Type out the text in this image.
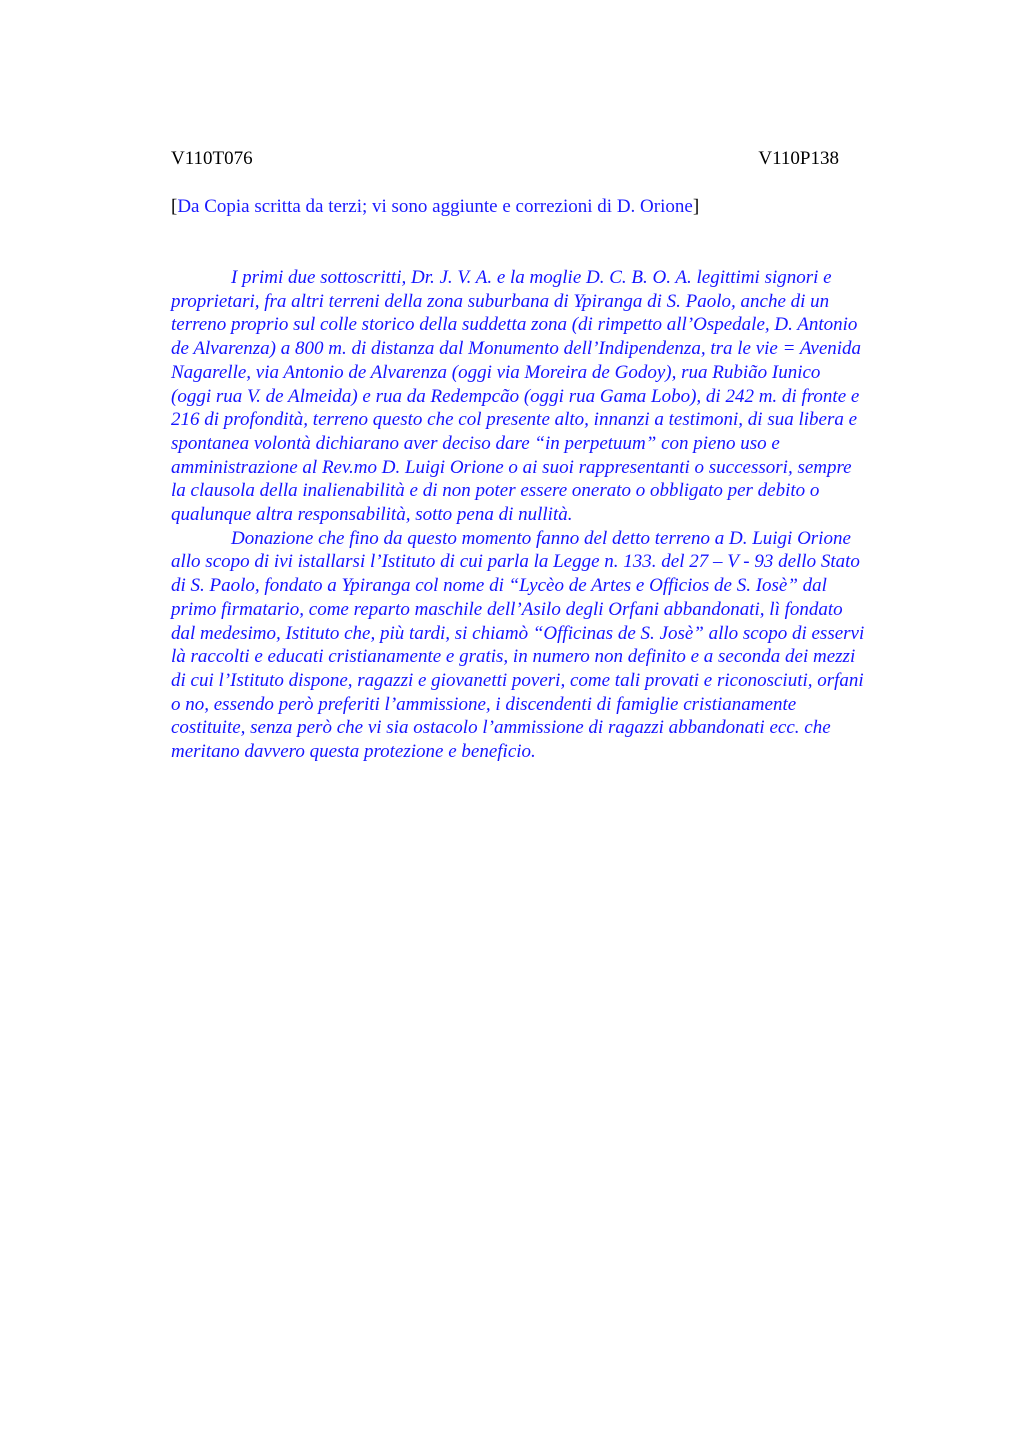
V110T076	V110P138
[Da Copia scritta da terzi; vi sono aggiunte e correzioni di D. Orione]
I primi due sottoscritti, Dr. J. V. A. e la moglie D. C. B. O. A. legittimi signori e
proprietari, fra altri terreni della zona suburbana di Ypiranga di S. Paolo, anche di un
terreno proprio sul colle storico della suddetta zona (di rimpetto all’Ospedale, D. Antonio
de Alvarenza) a 800 m. di distanza dal Monumento dell’Indipendenza, tra le vie = Avenida
Nagarelle, via Antonio de Alvarenza (oggi via Moreira de Godoy), rua Rubião Iunico
(oggi rua V. de Almeida) e rua da Redempcão (oggi rua Gama Lobo), di 242 m. di fronte e
216 di profondità, terreno questo che col presente alto, innanzi a testimoni, di sua libera e
spontanea volontà dichiarano aver deciso dare “in perpetuum” con pieno uso e
amministrazione al Rev.mo D. Luigi Orione o ai suoi rappresentanti o successori, sempre
la clausola della inalienabilità e di non poter essere onerato o obbligato per debito o
qualunque altra responsabilità, sotto pena di nullità.
Donazione che fino da questo momento fanno del detto terreno a D. Luigi Orione
allo scopo di ivi istallarsi l’Istituto di cui parla la Legge n. 133. del 27 – V - 93 dello Stato
di S. Paolo, fondato a Ypiranga col nome di “Lycèo de Artes e Officios de S. Iosè” dal
primo firmatario, come reparto maschile dell’Asilo degli Orfani abbandonati, lì fondato
dal medesimo, Istituto che, più tardi, si chiamò “Officinas de S. Josè” allo scopo di esservi
là raccolti e educati cristianamente e gratis, in numero non definito e a seconda dei mezzi
di cui l’Istituto dispone, ragazzi e giovanetti poveri, come tali provati e riconosciuti, orfani
o no, essendo però preferiti l’ammissione, i discendenti di famiglie cristianamente
costituite, senza però che vi sia ostacolo l’ammissione di ragazzi abbandonati ecc. che
meritano davvero questa protezione e beneficio.
